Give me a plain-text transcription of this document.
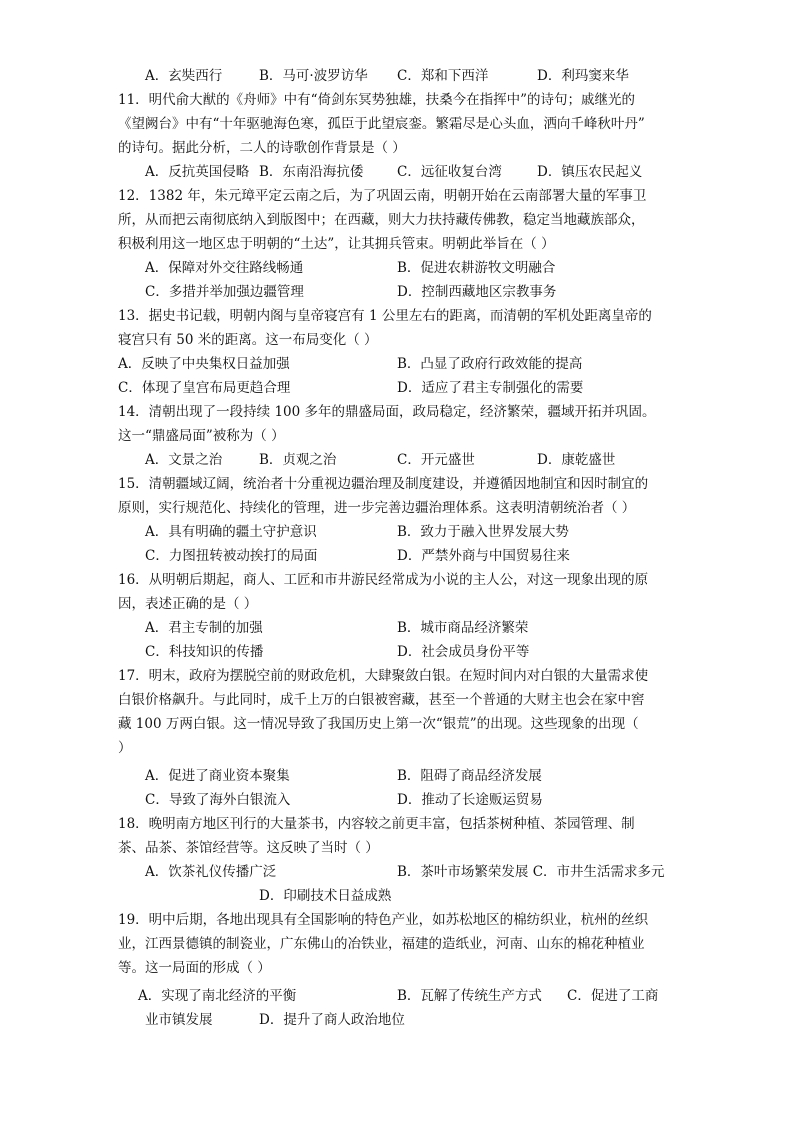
A．玄奘西行	B．马可·波罗访华 C．郑和下西洋	D．利玛窦来华
11．明代俞大猷的《舟师》中有“倚剑东冥势独雄，扶桑今在指挥中”的诗句；戚继光的
《望阙台》中有“十年驱驰海色寒，孤臣于此望宸銮。繁霜尽是心头血，洒向千峰秋叶丹”
的诗句。据此分析，二人的诗歌创作背景是（ ）
A．反抗英国侵略 B．东南沿海抗倭 C．远征收复台湾	D．镇压农民起义
12．1382 年，朱元璋平定云南之后，为了巩固云南，明朝开始在云南部署大量的军事卫
所，从而把云南彻底纳入到版图中；在西藏，则大力扶持藏传佛教，稳定当地藏族部众，
积极利用这一地区忠于明朝的“土达”，让其拥兵管束。明朝此举旨在（ ）
A．保障对外交往路线畅通	B．促进农耕游牧文明融合
C．多措并举加强边疆管理	D．控制西藏地区宗教事务
13．据史书记载，明朝内阁与皇帝寝宫有 1 公里左右的距离，而清朝的军机处距离皇帝的
寝宫只有 50 米的距离。这一布局变化（ ）
A．反映了中央集权日益加强	B．凸显了政府行政效能的提高
C．体现了皇宫布局更趋合理	D．适应了君主专制强化的需要
14．清朝出现了一段持续 100 多年的鼎盛局面，政局稳定，经济繁荣，疆域开拓并巩固。
这一“鼎盛局面”被称为（ ）
A．文景之治	B．贞观之治	C．开元盛世	D．康乾盛世
15．清朝疆域辽阔，统治者十分重视边疆治理及制度建设，并遵循因地制宜和因时制宜的
原则，实行规范化、持续化的管理，进一步完善边疆治理体系。这表明清朝统治者（ ）
A．具有明确的疆土守护意识	B．致力于融入世界发展大势
C．力图扭转被动挨打的局面	D．严禁外商与中国贸易往来
16．从明朝后期起，商人、工匠和市井游民经常成为小说的主人公，对这一现象出现的原
因，表述正确的是（ ）
A．君主专制的加强	B．城市商品经济繁荣
C．科技知识的传播	D．社会成员身份平等
17．明末，政府为摆脱空前的财政危机，大肆聚敛白银。在短时间内对白银的大量需求使
白银价格飙升。与此同时，成千上万的白银被窖藏，甚至一个普通的大财主也会在家中窖
藏 100 万两白银。这一情况导致了我国历史上第一次“银荒”的出现。这些现象的出现（
）
A．促进了商业资本聚集	B．阻碍了商品经济发展
C．导致了海外白银流入	D．推动了长途贩运贸易
18．晚明南方地区刊行的大量茶书，内容较之前更丰富，包括茶树种植、茶园管理、制
茶、品茶、茶馆经营等。这反映了当时（ ）
A．饮茶礼仪传播广泛	B．茶叶市场繁荣发展 C．市井生活需求多元
D．印刷技术日益成熟
19．明中后期，各地出现具有全国影响的特色产业，如苏松地区的棉纺织业，杭州的丝织
业，江西景德镇的制瓷业，广东佛山的冶铁业，福建的造纸业，河南、山东的棉花种植业
等。这一局面的形成（ ）
A．实现了南北经济的平衡	B．瓦解了传统生产方式 C．促进了工商
业市镇发展	D．提升了商人政治地位
